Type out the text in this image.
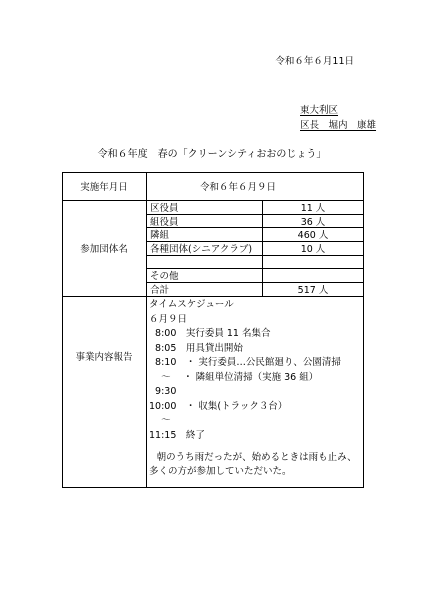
令和６年６月11日
東大利区
区長　堀内　康雄
令和６年度　春の「クリーンシティおおのじょう」
実施年月日	令和６年６月９日
参加団体名
区役員	11 人
組役員	36 人
隣組	460 人
各種団体(シニアクラブ)	10 人
その他
合計	517 人
事業内容報告
タイムスケジュール
６月９日
8:00　実行委員 11 名集合
8:05　用具貸出開始
8:10　・ 実行委員…公民館廻り、公園清掃
～　 ・ 隣組単位清掃（実施 36 組）
9:30
10:00　・ 収集(トラック３台）
～
11:15　終了
朝のうち雨だったが、始めるときは雨も止み、多くの方が参加していただいた。
